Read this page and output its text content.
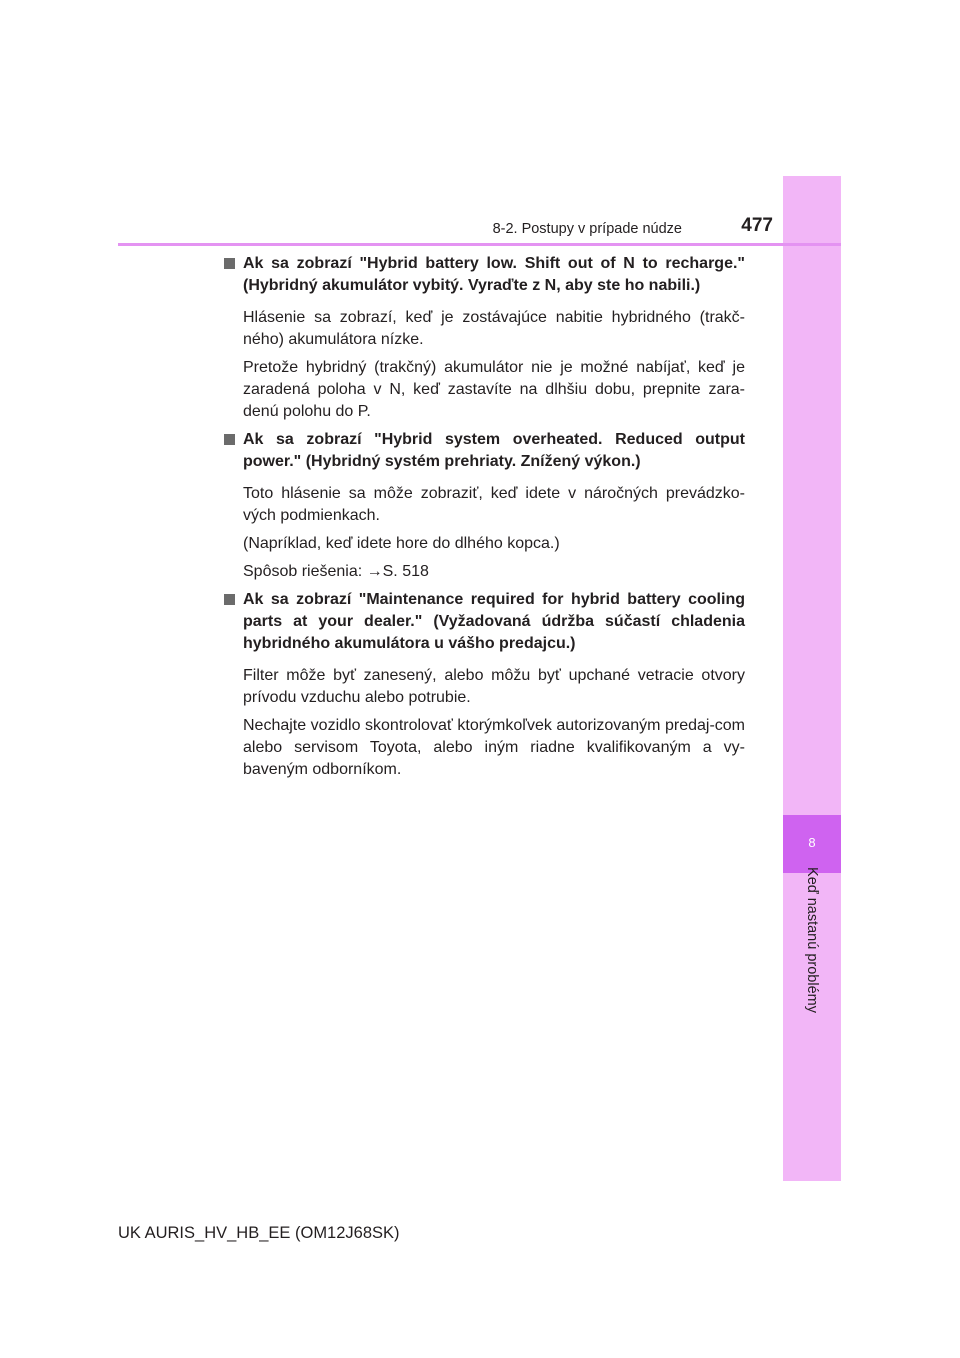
8
Keď nastanú problémy
8-2. Postupy v prípade núdze	477
Ak sa zobrazí "Hybrid battery low. Shift out of N to recharge." (Hybridný akumulátor vybitý. Vyraďte z N, aby ste ho nabili.)

Hlásenie sa zobrazí, keď je zostávajúce nabitie hybridného (trakč-ného) akumulátora nízke.

Pretože hybridný (trakčný) akumulátor nie je možné nabíjať, keď je zaradená poloha v N, keď zastavíte na dlhšiu dobu, prepnite zara-denú polohu do P.

Ak sa zobrazí "Hybrid system overheated. Reduced output power." (Hybridný systém prehriaty. Znížený výkon.)

Toto hlásenie sa môže zobraziť, keď idete v náročných prevádzko-vých podmienkach.

(Napríklad, keď idete hore do dlhého kopca.)

Spôsob riešenia: →S. 518

Ak sa zobrazí "Maintenance required for hybrid battery cooling parts at your dealer." (Vyžadovaná údržba súčastí chladenia hybridného akumulátora u vášho predajcu.)

Filter môže byť zanesený, alebo môžu byť upchané vetracie otvory prívodu vzduchu alebo potrubie.

Nechajte vozidlo skontrolovať ktorýmkoľvek autorizovaným predaj-com alebo servisom Toyota, alebo iným riadne kvalifikovaným a vy-baveným odborníkom.

UK AURIS_HV_HB_EE (OM12J68SK)
